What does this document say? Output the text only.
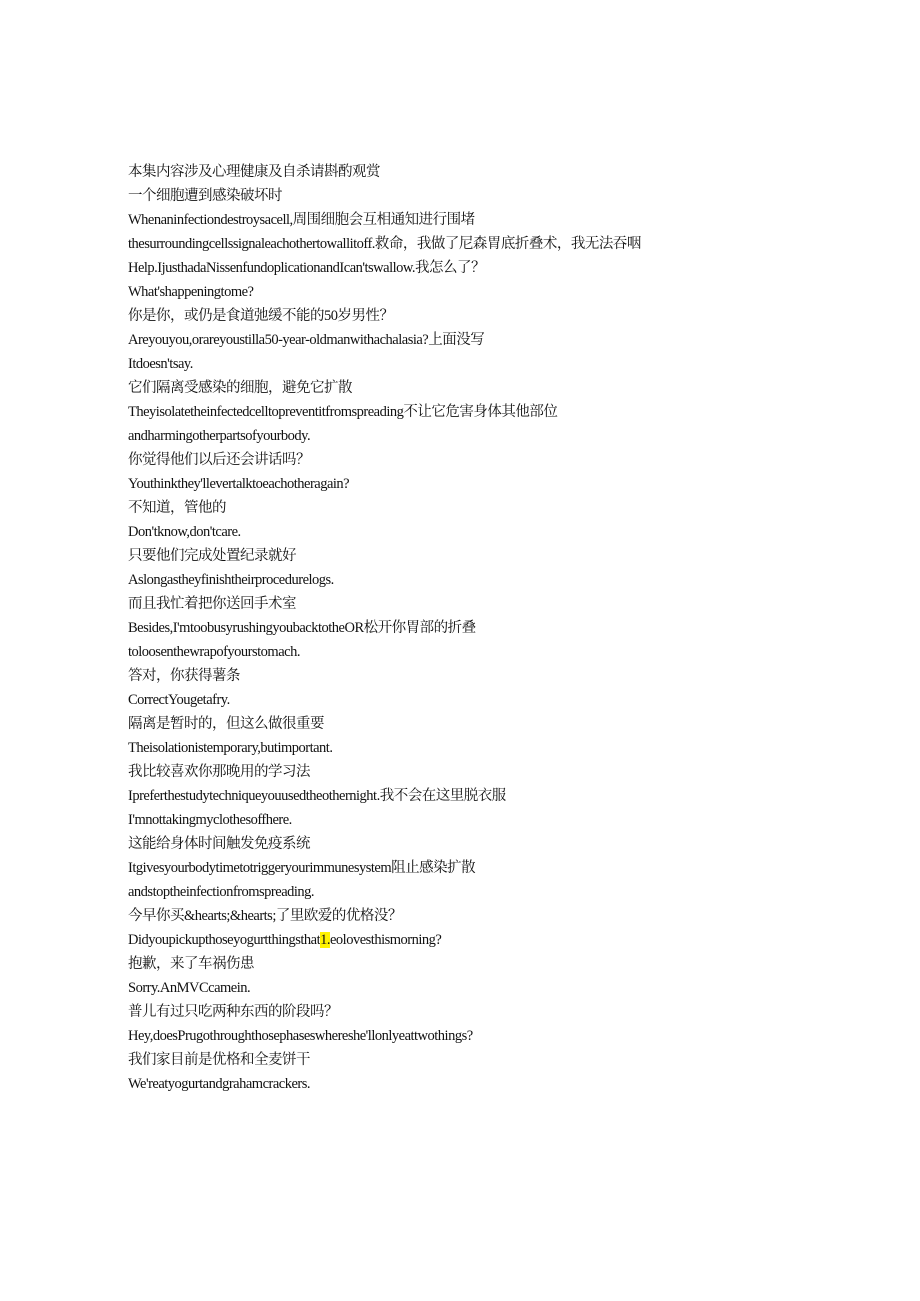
本集内容涉及心理健康及自杀请斟酌观赏
一个细胞遭到感染破坏时
Whenaninfectiondestroysacell,周围细胞会互相通知进行围堵
thesurroundingcellssignaleachothertowallitoff.救命，我做了尼森胃底折叠术，我无法吞咽
Help.IjusthadaNissenfundoplicationandIcan'tswallow.我怎么了？
What'shappeningtome?
你是你，或仍是食道弛缓不能的50岁男性？
Areyouyou,orareyoustilla50-year-oldmanwithachalasia?上面没写
Itdoesn'tsay.
它们隔离受感染的细胞，避免它扩散
Theyisolatetheinfectedcelltopreventitfromspreading不让它危害身体其他部位
andharmingotherpartsofyourbody.
你觉得他们以后还会讲话吗？
Youthinkthey'llevertalktoeachotheragain?
不知道，管他的
Don'tknow,don'tcare.
只要他们完成处置纪录就好
Aslongastheyfinishtheirprocedurelogs.
而且我忙着把你送回手术室
Besides,I'mtoobusyrushingyoubacktotheOR松开你胃部的折叠
toloosenthewrapofyourstomach.
答对，你获得薯条
CorrectYougetafry.
隔离是暂时的，但这么做很重要
Theisolationistemporary,butimportant.
我比较喜欢你那晚用的学习法
Ipreferthestudytechniqueyouusedtheothernight.我不会在这里脱衣服
I'mnottakingmyclothesoffhere.
这能给身体时间触发免疫系统
Itgivesyourbodytimetotriggeryourimmunesystem阻止感染扩散
andstoptheinfectionfromspreading.
今早你买&hearts;&hearts;了里欧爱的优格没？
Didyoupickupthoseyogurtthingsthat1.eolovesthismorning?
抱歉，来了车祸伤患
Sorry.AnMVCcamein.
普儿有过只吃两种东西的阶段吗？
Hey,doesPrugothroughthosephaseswhereshe'llonlyeattwothings?
我们家目前是优格和全麦饼干
We'reatyogurtandgrahamcrackers.
